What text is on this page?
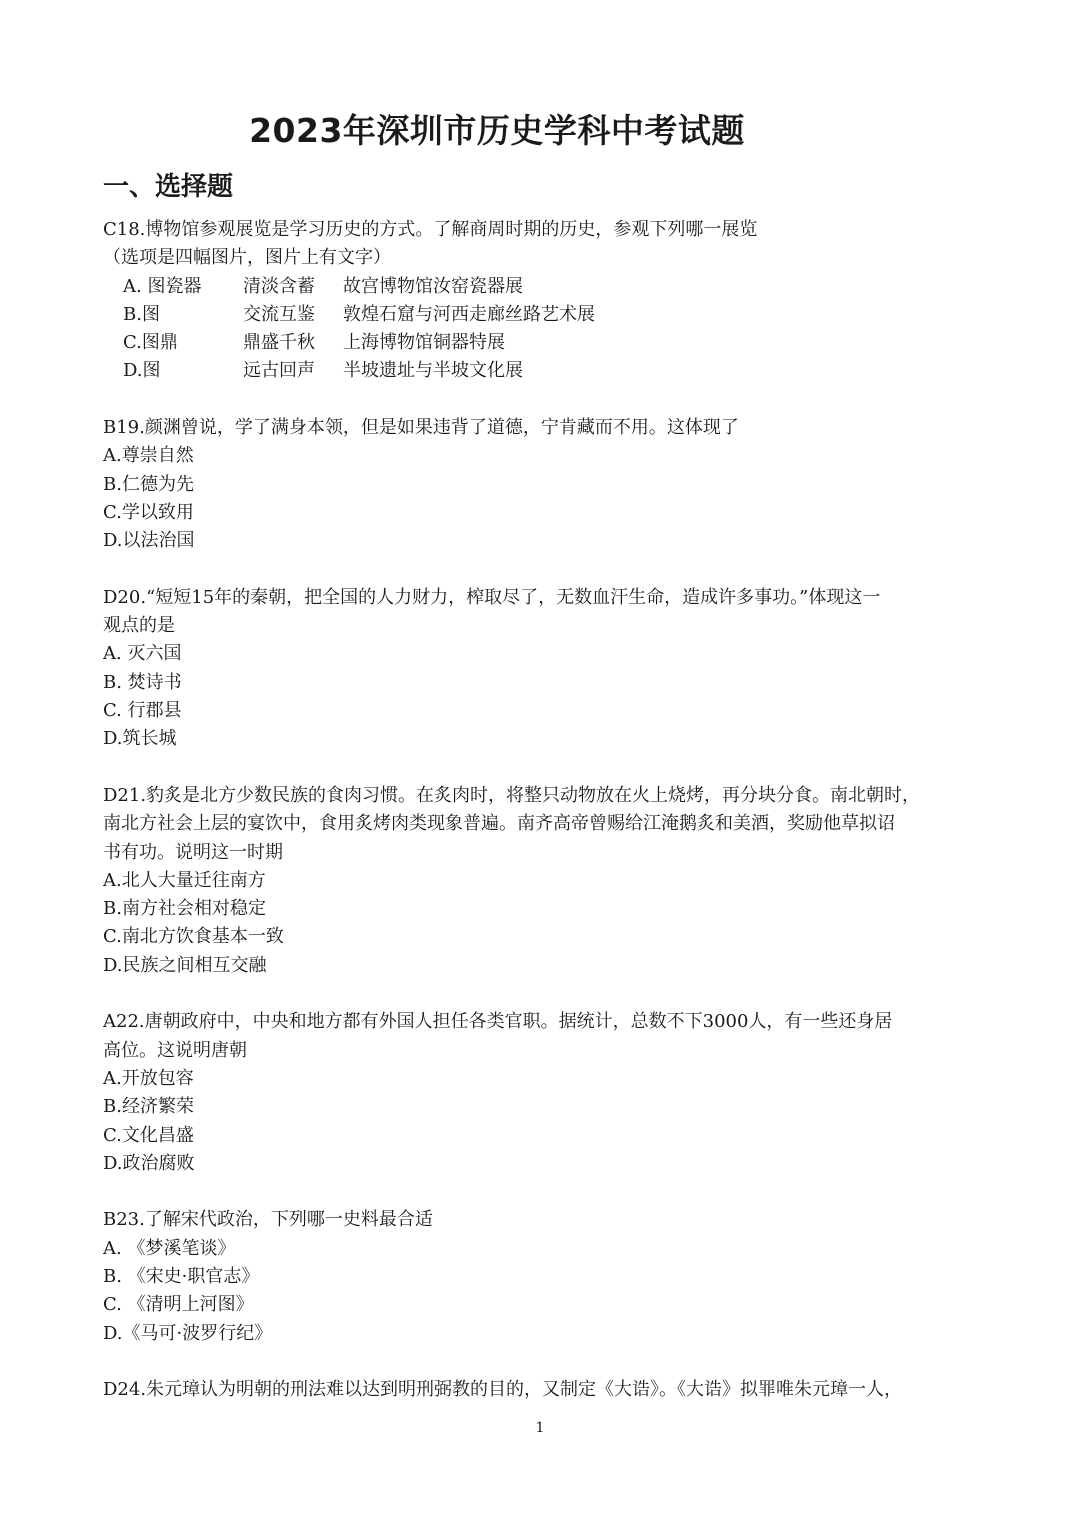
2023年深圳市历史学科中考试题
一、选择题
C18.博物馆参观展览是学习历史的方式。了解商周时期的历史，参观下列哪一展览
（选项是四幅图片，图片上有文字）
A. 图瓷器 清淡含蓄 故宫博物馆汝窑瓷器展
B.图	交流互鉴 敦煌石窟与河西走廊丝路艺术展
C.图鼎	鼎盛千秋 上海博物馆铜器特展
D.图	远古回声 半坡遗址与半坡文化展
B19.颜渊曾说，学了满身本领，但是如果违背了道德，宁肯藏而不用。这体现了
A.尊崇自然
B.仁德为先
C.学以致用
D.以法治国
D20.“短短15年的秦朝，把全国的人力财力，榨取尽了，无数血汗生命，造成许多事功。”体现这一
观点的是
A. 灭六国
B. 焚诗书
C. 行郡县
D.筑长城
D21.豹炙是北方少数民族的食肉习惯。在炙肉时，将整只动物放在火上烧烤，再分块分食。南北朝时，
南北方社会上层的宴饮中，食用炙烤肉类现象普遍。南齐高帝曾赐给江淹鹅炙和美酒，奖励他草拟诏
书有功。说明这一时期
A.北人大量迁往南方
B.南方社会相对稳定
C.南北方饮食基本一致
D.民族之间相互交融
A22.唐朝政府中，中央和地方都有外国人担任各类官职。据统计，总数不下3000人，有一些还身居
高位。这说明唐朝
A.开放包容
B.经济繁荣
C.文化昌盛
D.政治腐败
B23.了解宋代政治，下列哪一史料最合适
A. 《梦溪笔谈》
B. 《宋史·职官志》
C. 《清明上河图》
D.《马可·波罗行纪》
D24.朱元璋认为明朝的刑法难以达到明刑弼教的目的，又制定《大诰》。《大诰》拟罪唯朱元璋一人，
1
